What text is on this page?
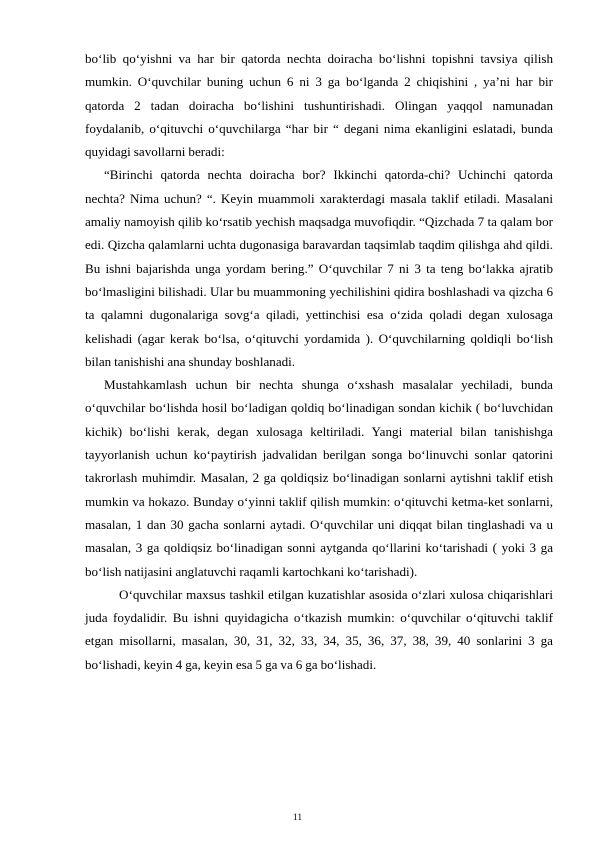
bo‘lib qo‘yishni va har bir qatorda nechta doiracha bo‘lishni topishni tavsiya qilish mumkin. O‘quvchilar buning uchun 6 ni 3 ga bo‘lganda 2 chiqishini , ya’ni har bir qatorda 2 tadan doiracha bo‘lishini tushuntirishadi. Olingan yaqqol namunadan foydalanib, o‘qituvchi o‘quvchilarga “har bir “ degani nima ekanligini eslatadi, bunda quyidagi savollarni beradi:

“Birinchi qatorda nechta doiracha bor? Ikkinchi qatorda-chi? Uchinchi qatorda nechta? Nima uchun? “. Keyin muammoli xarakterdagi masala taklif etiladi. Masalani amaliy namoyish qilib ko‘rsatib yechish maqsadga muvofiqdir. “Qizchada 7 ta qalam bor edi. Qizcha qalamlarni uchta dugonasiga baravardan taqsimlab taqdim qilishga ahd qildi. Bu ishni bajarishda unga yordam bering.” O‘quvchilar 7 ni 3 ta teng bo‘lakka ajratib bo‘lmasligini bilishadi. Ular bu muammoning yechilishini qidira boshlashadi va qizcha 6 ta qalamni dugonalariga sovg‘a qiladi, yettinchisi esa o‘zida qoladi degan xulosaga kelishadi (agar kerak bo‘lsa, o‘qituvchi yordamida ). O‘quvchilarning qoldiqli bo‘lish bilan tanishishi ana shunday boshlanadi.

Mustahkamlash uchun bir nechta shunga o‘xshash masalalar yechiladi, bunda o‘quvchilar bo‘lishda hosil bo‘ladigan qoldiq bo‘linadigan sondan kichik ( bo‘luvchidan kichik) bo‘lishi kerak, degan xulosaga keltiriladi. Yangi material bilan tanishishga tayyorlanish uchun ko‘paytirish jadvalidan berilgan songa bo‘linuvchi sonlar qatorini takrorlash muhimdir. Masalan, 2 ga qoldiqsiz bo‘linadigan sonlarni aytishni taklif etish mumkin va hokazo. Bunday o‘yinni taklif qilish mumkin: o‘qituvchi ketma-ket sonlarni, masalan, 1 dan 30 gacha sonlarni aytadi. O‘quvchilar uni diqqat bilan tinglashadi va u masalan, 3 ga qoldiqsiz bo‘linadigan sonni aytganda qo‘llarini ko‘tarishadi ( yoki 3 ga bo‘lish natijasini anglatuvchi raqamli kartochkani ko‘tarishadi).

O‘quvchilar maxsus tashkil etilgan kuzatishlar asosida o‘zlari xulosa chiqarishlari juda foydalidir. Bu ishni quyidagicha o‘tkazish mumkin: o‘quvchilar o‘qituvchi taklif etgan misollarni, masalan, 30, 31, 32, 33, 34, 35, 36, 37, 38, 39, 40 sonlarini 3 ga bo‘lishadi, keyin 4 ga, keyin esa 5 ga va 6 ga bo‘lishadi.

11
